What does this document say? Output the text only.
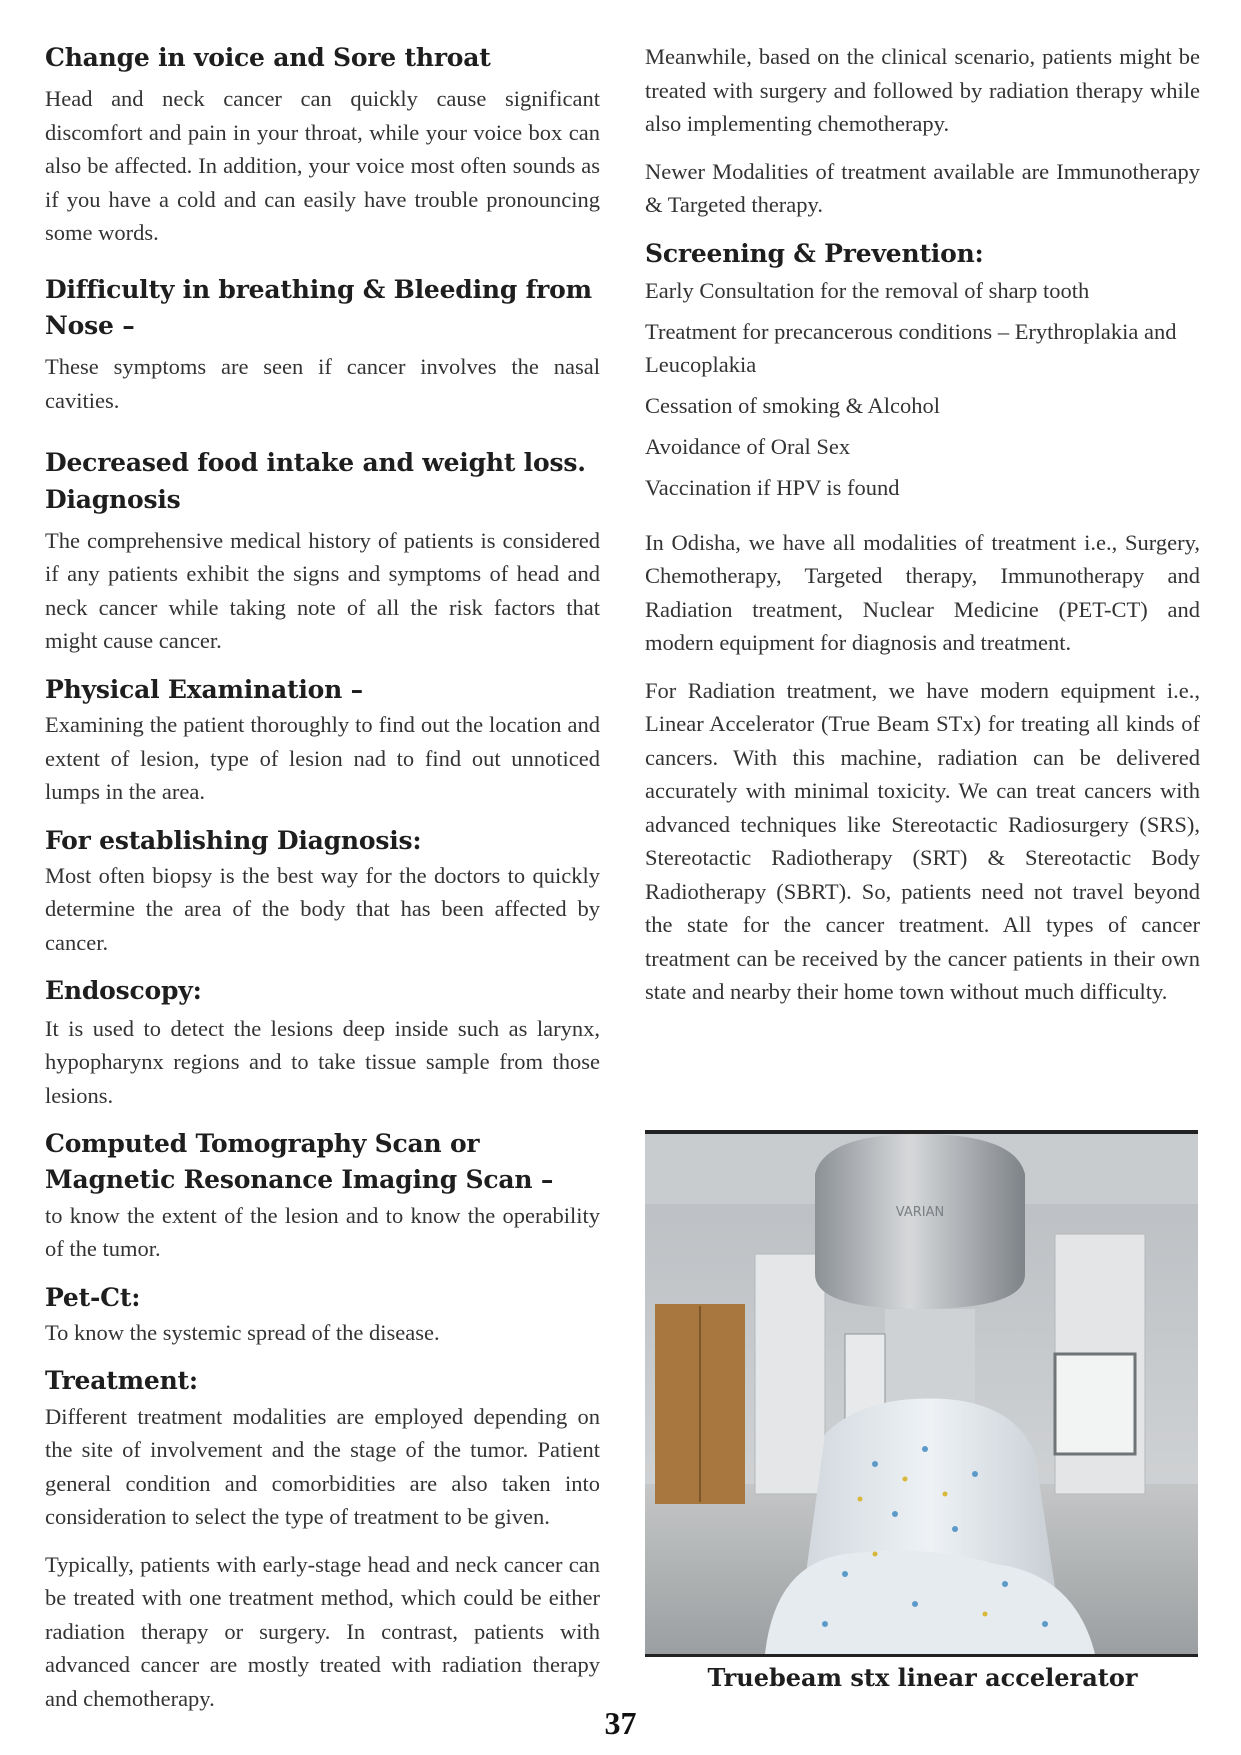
Change in voice and Sore throat

Head and neck cancer can quickly cause significant discomfort and pain in your throat, while your voice box can also be affected. In addition, your voice most often sounds as if you have a cold and can easily have trouble pronouncing some words.

Difficulty in breathing & Bleeding from Nose –

These symptoms are seen if cancer involves the nasal cavities.

Decreased food intake and weight loss.
Diagnosis

The comprehensive medical history of patients is considered if any patients exhibit the signs and symptoms of head and neck cancer while taking note of all the risk factors that might cause cancer.

Physical Examination –

Examining the patient thoroughly to find out the location and extent of lesion, type of lesion nad to find out unnoticed lumps in the area.

For establishing Diagnosis:

Most often biopsy is the best way for the doctors to quickly determine the area of the body that has been affected by cancer.

Endoscopy:

It is used to detect the lesions deep inside such as larynx, hypopharynx regions and to take tissue sample from those lesions.

Computed Tomography Scan or Magnetic Resonance Imaging Scan –

to know the extent of the lesion and to know the operability of the tumor.

Pet-Ct:

To know the systemic spread of the disease.

Treatment:

Different treatment modalities are employed depending on the site of involvement and the stage of the tumor. Patient general condition and comorbidities are also taken into consideration to select the type of treatment to be given.

Typically, patients with early-stage head and neck cancer can be treated with one treatment method, which could be either radiation therapy or surgery. In contrast, patients with advanced cancer are mostly treated with radiation therapy and chemotherapy.

Meanwhile, based on the clinical scenario, patients might be treated with surgery and followed by radiation therapy while also implementing chemotherapy.

Newer Modalities of treatment available are Immunotherapy & Targeted therapy.

Screening & Prevention:
Early Consultation for the removal of sharp tooth
Treatment for precancerous conditions – Erythroplakia and Leucoplakia
Cessation of smoking & Alcohol
Avoidance of Oral Sex
Vaccination if HPV is found

In Odisha, we have all modalities of treatment i.e., Surgery, Chemotherapy, Targeted therapy, Immunotherapy and Radiation treatment, Nuclear Medicine (PET-CT) and modern equipment for diagnosis and treatment.

For Radiation treatment, we have modern equipment i.e., Linear Accelerator (True Beam STx) for treating all kinds of cancers. With this machine, radiation can be delivered accurately with minimal toxicity. We can treat cancers with advanced techniques like Stereotactic Radiosurgery (SRS), Stereotactic Radiotherapy (SRT) & Stereotactic Body Radiotherapy (SBRT). So, patients need not travel beyond the state for the cancer treatment. All types of cancer treatment can be received by the cancer patients in their own state and nearby their home town without much difficulty.

VARIAN
Truebeam stx linear accelerator
37
